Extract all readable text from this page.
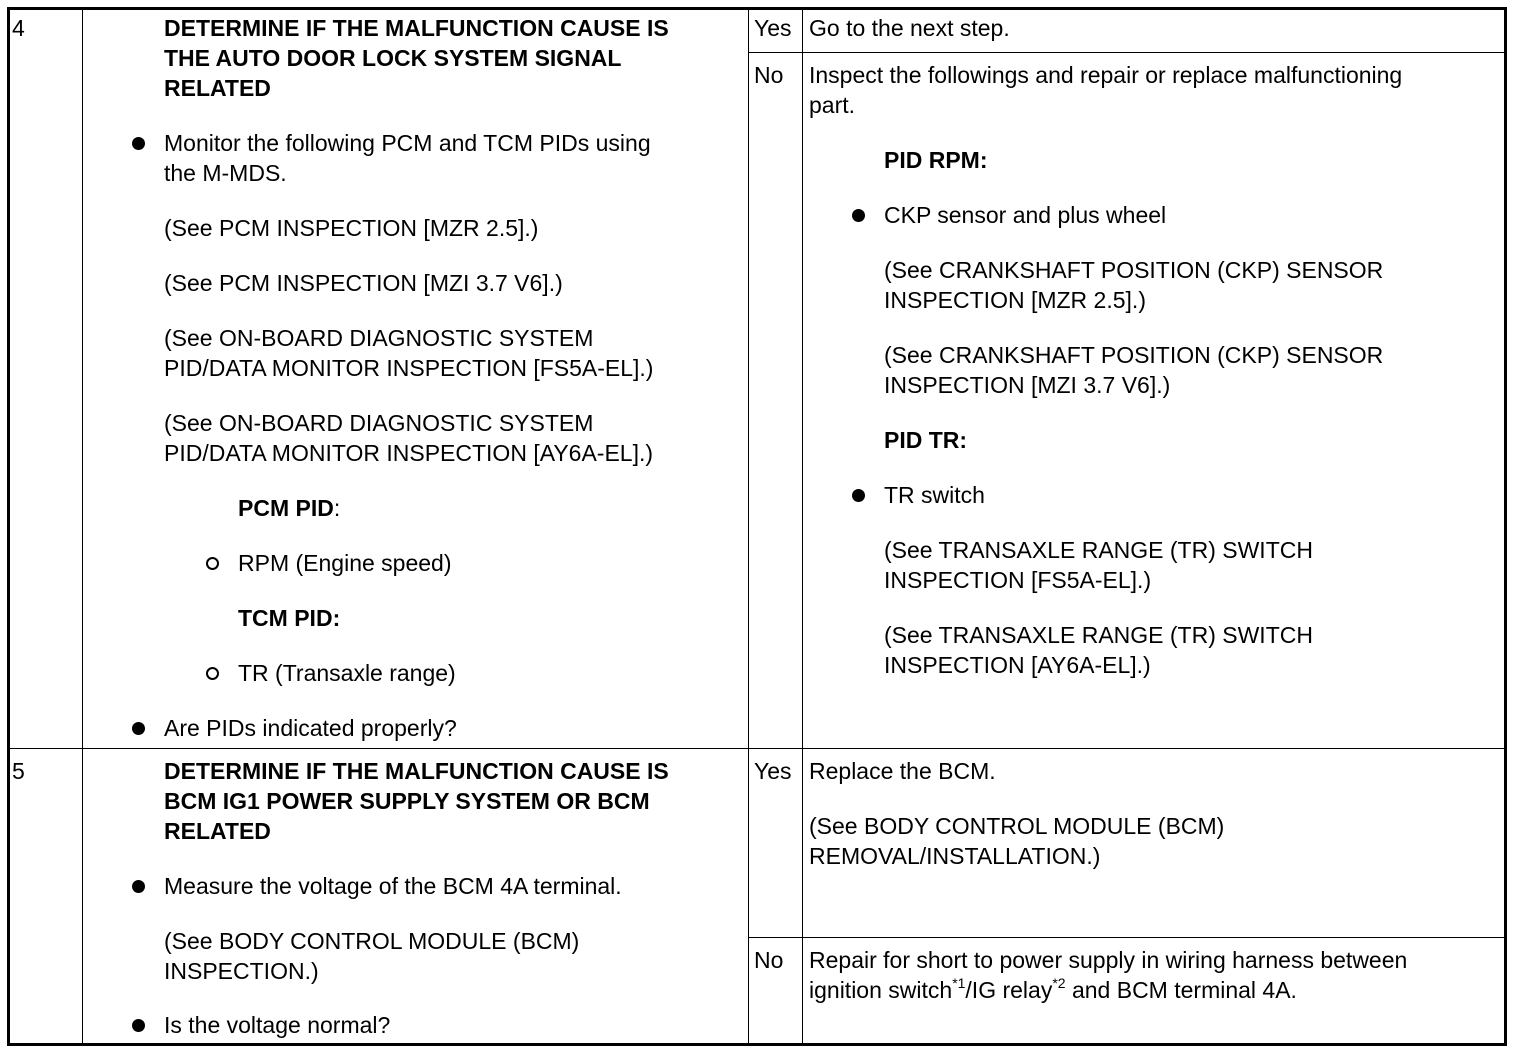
4	DETERMINE IF THE MALFUNCTION CAUSE IS
THE AUTO DOOR LOCK SYSTEM SIGNAL
RELATED
Monitor the following PCM and TCM PIDs using
the M-MDS.
(See PCM INSPECTION [MZR 2.5].)
(See PCM INSPECTION [MZI 3.7 V6].)
(See ON-BOARD DIAGNOSTIC SYSTEM
PID/DATA MONITOR INSPECTION [FS5A-EL].)
(See ON-BOARD DIAGNOSTIC SYSTEM
PID/DATA MONITOR INSPECTION [AY6A-EL].)
PCM PID:
RPM (Engine speed)
TCM PID:
TR (Transaxle range)
Are PIDs indicated properly?
Yes Go to the next step.
No Inspect the followings and repair or replace malfunctioning
part.
PID RPM:
CKP sensor and plus wheel
(See CRANKSHAFT POSITION (CKP) SENSOR
INSPECTION [MZR 2.5].)
(See CRANKSHAFT POSITION (CKP) SENSOR
INSPECTION [MZI 3.7 V6].)
PID TR:
TR switch
(See TRANSAXLE RANGE (TR) SWITCH
INSPECTION [FS5A-EL].)
(See TRANSAXLE RANGE (TR) SWITCH
INSPECTION [AY6A-EL].)
5	DETERMINE IF THE MALFUNCTION CAUSE IS
BCM IG1 POWER SUPPLY SYSTEM OR BCM
RELATED
Measure the voltage of the BCM 4A terminal.
(See BODY CONTROL MODULE (BCM)
INSPECTION.)
Is the voltage normal?
Yes Replace the BCM.
(See BODY CONTROL MODULE (BCM)
REMOVAL/INSTALLATION.)
No Repair for short to power supply in wiring harness between
ignition switch$^{*1}$/IG relay$^{*2}$ and BCM terminal 4A.
